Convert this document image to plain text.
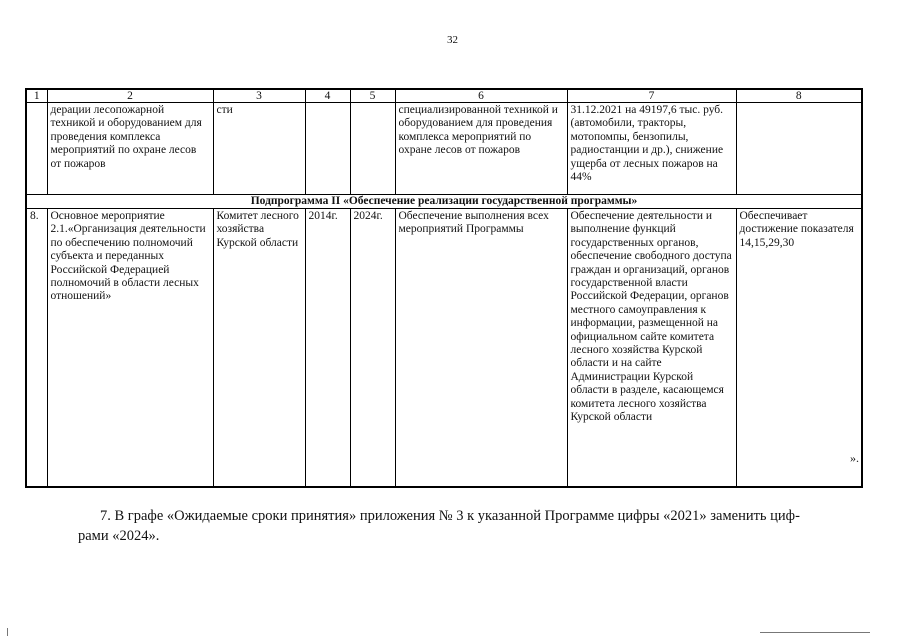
32
1	2	3	4	5	6	7	8
	дерации лесопожарной техникой и оборудованием для проведения комплекса мероприятий по охране лесов от пожаров	сти			специализированной техникой и оборудованием для проведения комплекса мероприятий по охране лесов от пожаров	31.12.2021 на 49197,6 тыс. руб. (автомобили, тракторы, мотопомпы, бензопилы, радиостанции и др.), снижение ущерба от лесных пожаров на 44%	
Подпрограмма II «Обеспечение реализации государственной программы»							
8.	Основное мероприятие 2.1.«Организация деятельности по обеспечению полномочий субъекта и переданных Российской Федерацией полномочий в области лесных отношений»	Комитет лесного хозяйства Курской области	2014г.	2024г.	Обеспечение выполнения всех мероприятий Программы	Обеспечение деятельности и выполнение функций государственных органов, обеспечение свободного доступа граждан и организаций, органов государственной власти Российской Федерации, органов местного самоуправления к информации, размещенной на официальном сайте комитета лесного хозяйства Курской области и на сайте Администрации Курской области в разделе, касающемся комитета лесного хозяйства Курской области	Обеспечивает достижение показателя 14,15,29,30
».
7. В графе «Ожидаемые сроки принятия» приложения № 3 к указанной Программе цифры «2021» заменить циф-
рами «2024».
